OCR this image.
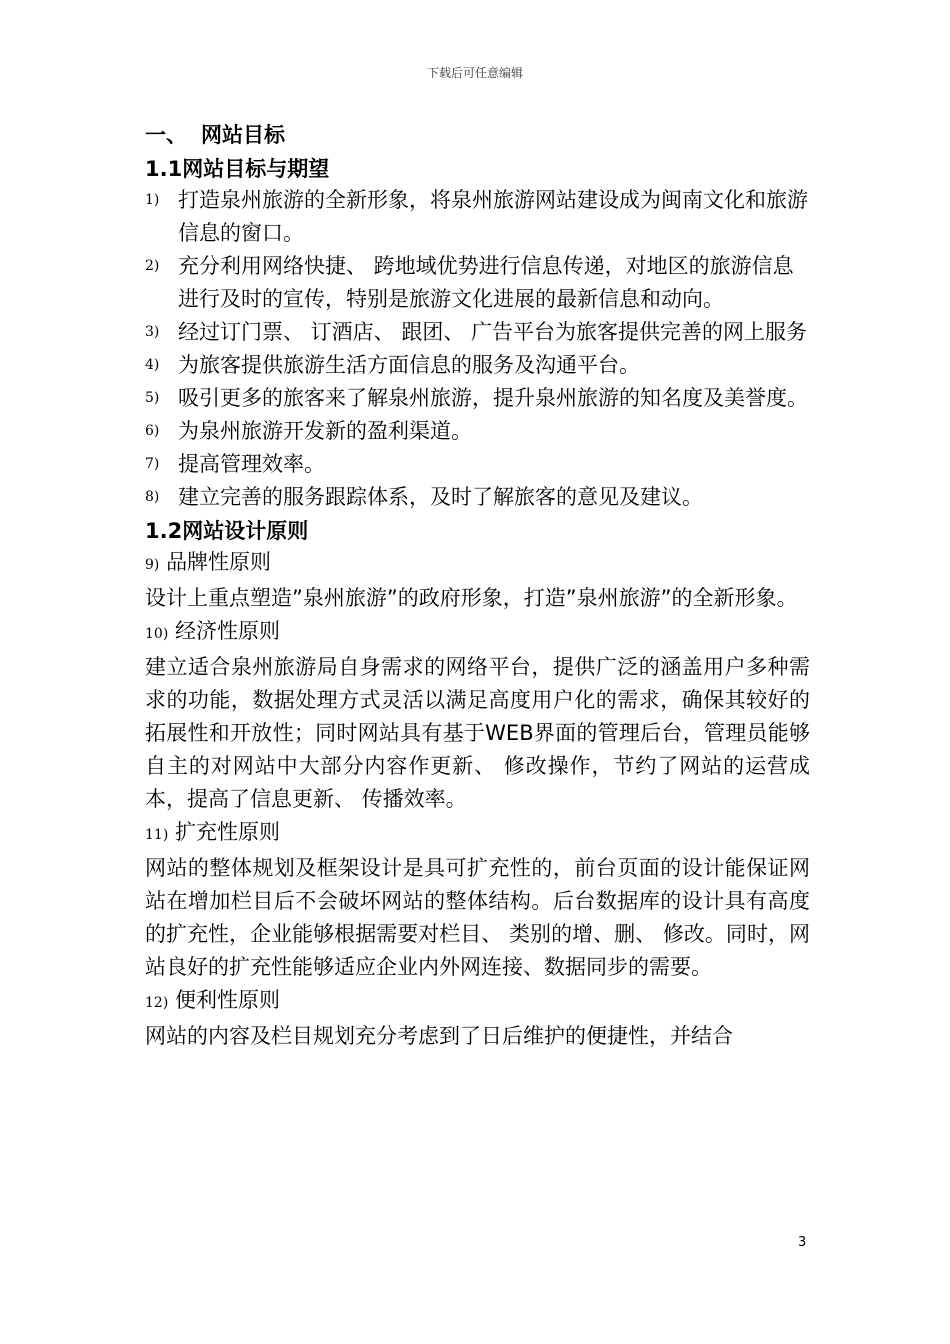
下载后可任意编辑
一、 网站目标
1.1网站目标与期望
1) 打造泉州旅游的全新形象，将泉州旅游网站建设成为闽南文化和旅游信息的窗口。
2) 充分利用网络快捷、 跨地域优势进行信息传递，对地区的旅游信息进行及时的宣传，特别是旅游文化进展的最新信息和动向。
3) 经过订门票、 订酒店、 跟团、 广告平台为旅客提供完善的网上服务
4) 为旅客提供旅游生活方面信息的服务及沟通平台。
5) 吸引更多的旅客来了解泉州旅游，提升泉州旅游的知名度及美誉度。
6) 为泉州旅游开发新的盈利渠道。
7) 提高管理效率。
8) 建立完善的服务跟踪体系，及时了解旅客的意见及建议。
1.2网站设计原则
9) 品牌性原则
设计上重点塑造”泉州旅游”的政府形象，打造”泉州旅游”的全新形象。
10) 经济性原则
建立适合泉州旅游局自身需求的网络平台，提供广泛的涵盖用户多种需求的功能，数据处理方式灵活以满足高度用户化的需求，确保其较好的拓展性和开放性；同时网站具有基于WEB界面的管理后台，管理员能够自主的对网站中大部分内容作更新、 修改操作，节约了网站的运营成本，提高了信息更新、 传播效率。
11) 扩充性原则
网站的整体规划及框架设计是具可扩充性的，前台页面的设计能保证网站在增加栏目后不会破坏网站的整体结构。后台数据库的设计具有高度的扩充性，企业能够根据需要对栏目、 类别的增、删、 修改。同时，网站良好的扩充性能够适应企业内外网连接、数据同步的需要。
12) 便利性原则
网站的内容及栏目规划充分考虑到了日后维护的便捷性，并结合
3
